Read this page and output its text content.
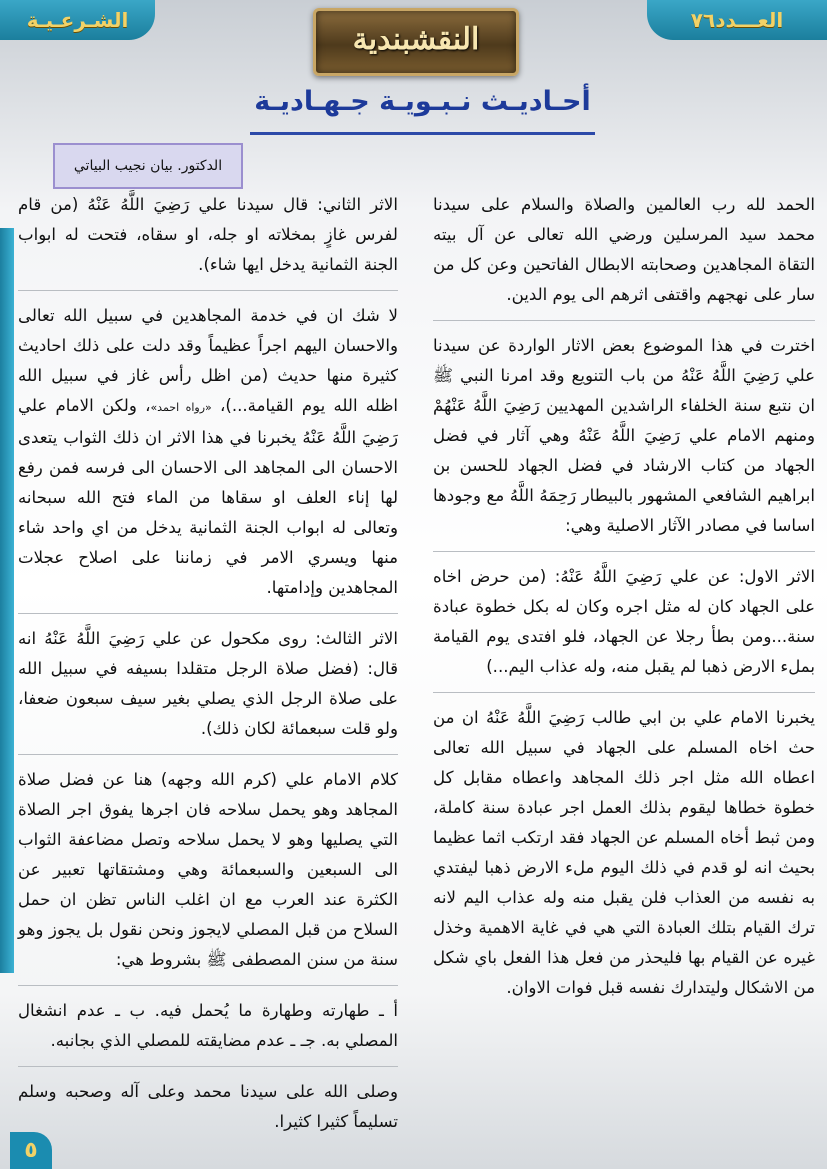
الشـرعـيـة	العـــدد٧٦
النقشبندية
أحـاديـث نـبـويـة جـهـاديـة
الدكتور. بيان نجيب البياتي

الحمد لله رب العالمين والصلاة والسلام على سيدنا محمد سيد المرسلين ورضي الله تعالى عن آل بيته التقاة المجاهدين وصحابته الابطال الفاتحين وعن كل من سار على نهجهم واقتفى اثرهم الى يوم الدين.

اخترت في هذا الموضوع بعض الاثار الواردة عن سيدنا علي رَضِيَ اللَّهُ عَنْهُ من باب التنويع وقد امرنا النبي ﷺ ان نتبع سنة الخلفاء الراشدين المهديين رَضِيَ اللَّهُ عَنْهُمْ ومنهم الامام علي رَضِيَ اللَّهُ عَنْهُ وهي آثار في فضل الجهاد من كتاب الارشاد في فضل الجهاد للحسن بن ابراهيم الشافعي المشهور بالبيطار رَحِمَهُ اللَّهُ مع وجودها اساسا في مصادر الآثار الاصلية وهي:

الاثر الاول: عن علي رَضِيَ اللَّهُ عَنْهُ: (من حرض اخاه على الجهاد كان له مثل اجره وكان له بكل خطوة عبادة سنة...ومن بطأ رجلا عن الجهاد، فلو افتدى يوم القيامة بملء الارض ذهبا لم يقبل منه، وله عذاب اليم...)

يخبرنا الامام علي بن ابي طالب رَضِيَ اللَّهُ عَنْهُ ان من حث اخاه المسلم على الجهاد في سبيل الله تعالى اعطاه الله مثل اجر ذلك المجاهد واعطاه مقابل كل خطوة خطاها ليقوم بذلك العمل اجر عبادة سنة كاملة، ومن ثبط أخاه المسلم عن الجهاد فقد ارتكب اثما عظيما بحيث انه لو قدم في ذلك اليوم ملء الارض ذهبا ليفتدي به نفسه من العذاب فلن يقبل منه وله عذاب اليم لانه ترك القيام بتلك العبادة التي هي في غاية الاهمية وخذل غيره عن القيام بها فليحذر من فعل هذا الفعل باي شكل من الاشكال وليتدارك نفسه قبل فوات الاوان.

الاثر الثاني: قال سيدنا علي رَضِيَ اللَّهُ عَنْهُ (من قام لفرس غازٍ بمخلاته او جله، او سقاه، فتحت له ابواب الجنة الثمانية يدخل ايها شاء).

لا شك ان في خدمة المجاهدين في سبيل الله تعالى والاحسان اليهم اجراً عظيماً وقد دلت على ذلك احاديث كثيرة منها حديث (من اظل رأس غاز في سبيل الله اظله الله يوم القيامة...)، «رواه احمد»، ولكن الامام علي رَضِيَ اللَّهُ عَنْهُ يخبرنا في هذا الاثر ان ذلك الثواب يتعدى الاحسان الى المجاهد الى الاحسان الى فرسه فمن رفع لها إناء العلف او سقاها من الماء فتح الله سبحانه وتعالى له ابواب الجنة الثمانية يدخل من اي واحد شاء منها ويسري الامر في زماننا على اصلاح عجلات المجاهدين وإدامتها.

الاثر الثالث: روى مكحول عن علي رَضِيَ اللَّهُ عَنْهُ انه قال: (فضل صلاة الرجل متقلدا بسيفه في سبيل الله على صلاة الرجل الذي يصلي بغير سيف سبعون ضعفا، ولو قلت سبعمائة لكان ذلك).

كلام الامام علي (كرم الله وجهه) هنا عن فضل صلاة المجاهد وهو يحمل سلاحه فان اجرها يفوق اجر الصلاة التي يصليها وهو لا يحمل سلاحه وتصل مضاعفة الثواب الى السبعين والسبعمائة وهي ومشتقاتها تعبير عن الكثرة عند العرب مع ان اغلب الناس تظن ان حمل السلاح من قبل المصلي لايجوز ونحن نقول بل يجوز وهو سنة من سنن المصطفى ﷺ بشروط هي:

أ ـ طهارته وطهارة ما يُحمل فيه. ب ـ عدم انشغال المصلي به. جـ ـ عدم مضايقته للمصلي الذي بجانبه.

وصلى الله على سيدنا محمد وعلى آله وصحبه وسلم تسليماً كثيرا كثيرا.

٥
